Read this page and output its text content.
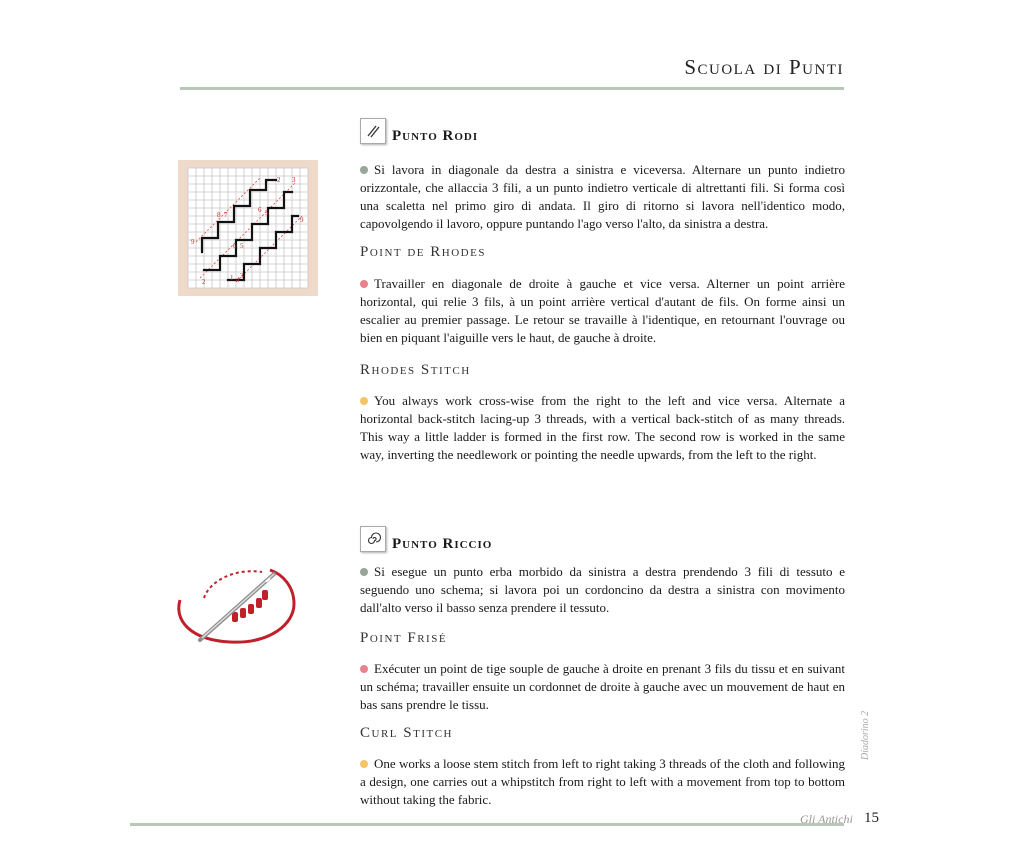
Scuola di Punti
Punto Rodi
2 3
8 7
6 5
9
9
6 5
2	1 4 3

Si lavora in diagonale da destra a sinistra e viceversa. Alternare un punto indietro orizzontale, che allaccia 3 fili, a un punto indietro verticale di altrettanti fili. Si forma così una scaletta nel primo giro di andata. Il giro di ritorno si lavora nell'identico modo, capovolgendo il lavoro, oppure puntando l'ago verso l'alto, da sinistra a destra.

Point de Rhodes

Travailler en diagonale de droite à gauche et vice versa. Alterner un point arrière horizontal, qui relie 3 fils, à un point arrière vertical d'autant de fils. On forme ainsi un escalier au premier passage. Le retour se travaille à l'identique, en retournant l'ouvrage ou bien en piquant l'aiguille vers le haut, de gauche à droite.

Rhodes Stitch

You always work cross-wise from the right to the left and vice versa. Alternate a horizontal back-stitch lacing-up 3 threads, with a vertical back-stitch of as many threads. This way a little ladder is formed in the first row. The second row is worked in the same way, inverting the needlework or pointing the needle upwards, from the left to the right.

Punto Riccio

Si esegue un punto erba morbido da sinistra a destra prendendo 3 fili di tessuto e seguendo uno schema; si lavora poi un cordoncino da destra a sinistra con movimento dall'alto verso il basso senza prendere il tessuto.

Point Frisé

Exécuter un point de tige souple de gauche à droite en prenant 3 fils du tissu et en suivant un schéma; travailler ensuite un cordonnet de droite à gauche avec un mouvement de haut en bas sans prendre le tissu.

Curl Stitch

One works a loose stem stitch from left to right taking 3 threads of the cloth and following a design, one carries out a whipstitch from right to left with a movement from top to bottom without taking the fabric.

Diadorino 2
Gli Antichi 15
